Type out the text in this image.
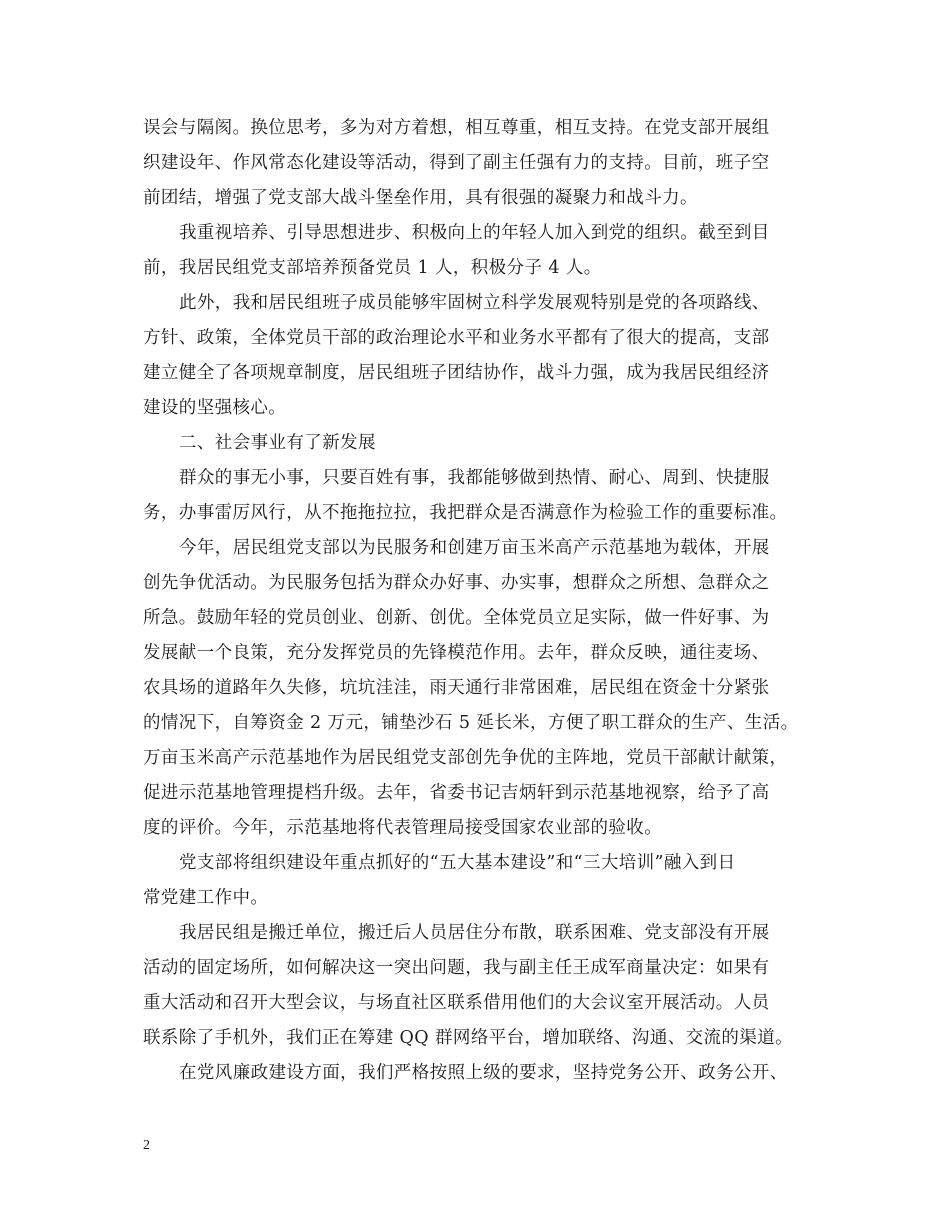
误会与隔阂。换位思考，多为对方着想，相互尊重，相互支持。在党支部开展组
织建设年、作风常态化建设等活动，得到了副主任强有力的支持。目前，班子空
前团结，增强了党支部大战斗堡垒作用，具有很强的凝聚力和战斗力。
我重视培养、引导思想进步、积极向上的年轻人加入到党的组织。截至到目
前，我居民组党支部培养预备党员 1 人，积极分子 4 人。
此外，我和居民组班子成员能够牢固树立科学发展观特别是党的各项路线、
方针、政策，全体党员干部的政治理论水平和业务水平都有了很大的提高，支部
建立健全了各项规章制度，居民组班子团结协作，战斗力强，成为我居民组经济
建设的坚强核心。
二、社会事业有了新发展
群众的事无小事，只要百姓有事，我都能够做到热情、耐心、周到、快捷服
务，办事雷厉风行，从不拖拖拉拉，我把群众是否满意作为检验工作的重要标准。
今年，居民组党支部以为民服务和创建万亩玉米高产示范基地为载体，开展
创先争优活动。为民服务包括为群众办好事、办实事，想群众之所想、急群众之
所急。鼓励年轻的党员创业、创新、创优。全体党员立足实际，做一件好事、为
发展献一个良策，充分发挥党员的先锋模范作用。去年，群众反映，通往麦场、
农具场的道路年久失修，坑坑洼洼，雨天通行非常困难，居民组在资金十分紧张
的情况下，自筹资金 2 万元，铺垫沙石 5 延长米，方便了职工群众的生产、生活。
万亩玉米高产示范基地作为居民组党支部创先争优的主阵地，党员干部献计献策，
促进示范基地管理提档升级。去年，省委书记吉炳轩到示范基地视察，给予了高
度的评价。今年，示范基地将代表管理局接受国家农业部的验收。
党支部将组织建设年重点抓好的“五大基本建设”和“三大培训”融入到日
常党建工作中。
我居民组是搬迁单位，搬迁后人员居住分布散，联系困难、党支部没有开展
活动的固定场所，如何解决这一突出问题，我与副主任王成军商量决定：如果有
重大活动和召开大型会议，与场直社区联系借用他们的大会议室开展活动。人员
联系除了手机外，我们正在筹建 QQ 群网络平台，增加联络、沟通、交流的渠道。
在党风廉政建设方面，我们严格按照上级的要求，坚持党务公开、政务公开、
2
